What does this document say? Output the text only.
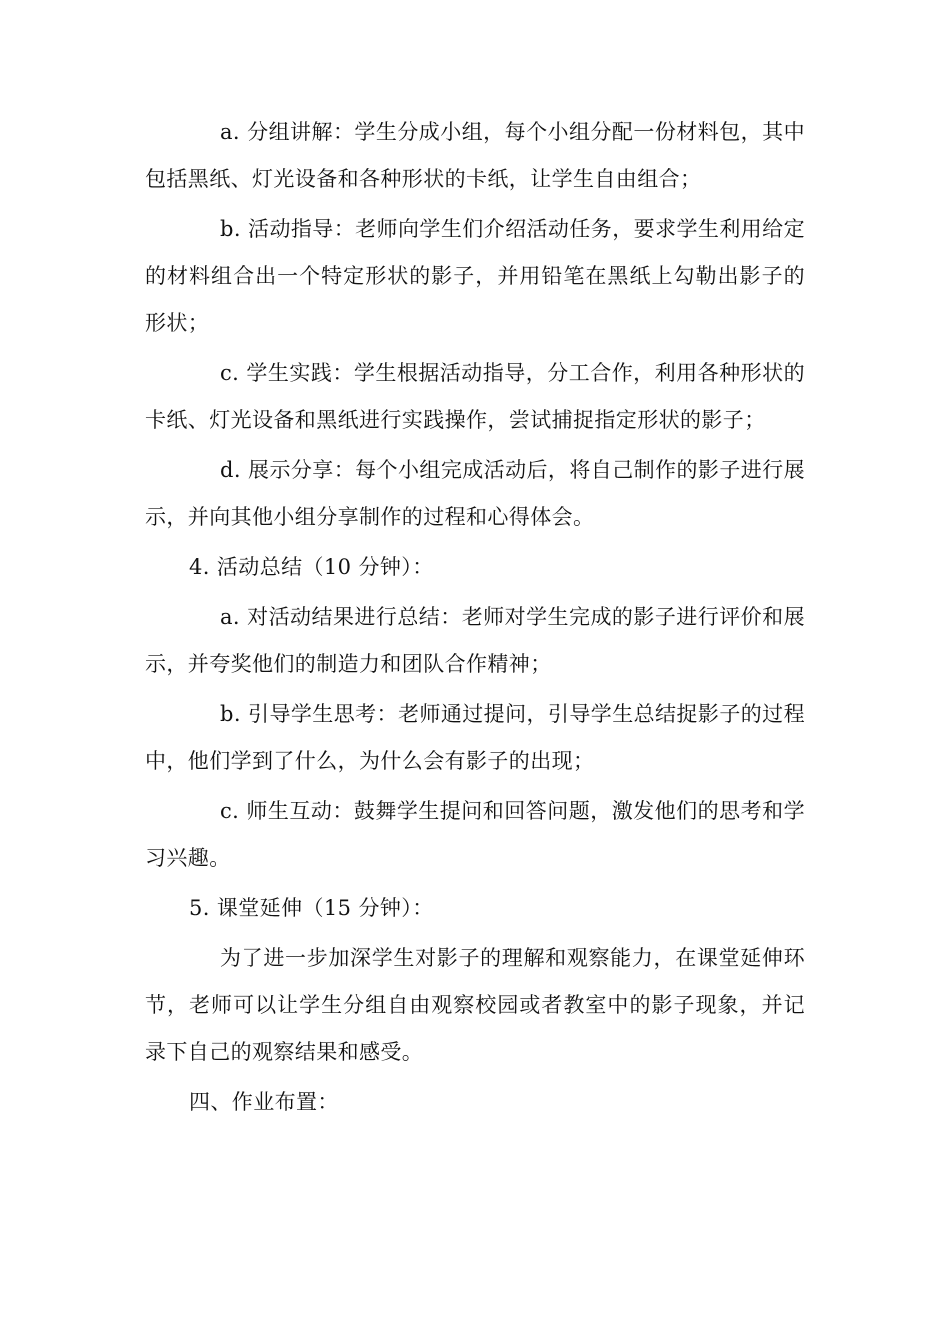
a. 分组讲解：学生分成小组，每个小组分配一份材料包，其中包括黑纸、灯光设备和各种形状的卡纸，让学生自由组合；

b. 活动指导：老师向学生们介绍活动任务，要求学生利用给定的材料组合出一个特定形状的影子，并用铅笔在黑纸上勾勒出影子的形状；

c. 学生实践：学生根据活动指导，分工合作，利用各种形状的卡纸、灯光设备和黑纸进行实践操作，尝试捕捉指定形状的影子；

d. 展示分享：每个小组完成活动后，将自己制作的影子进行展示，并向其他小组分享制作的过程和心得体会。

4. 活动总结（10 分钟）：

a. 对活动结果进行总结：老师对学生完成的影子进行评价和展示，并夸奖他们的制造力和团队合作精神；

b. 引导学生思考：老师通过提问，引导学生总结捉影子的过程中，他们学到了什么，为什么会有影子的出现；

c. 师生互动：鼓舞学生提问和回答问题，激发他们的思考和学习兴趣。

5. 课堂延伸（15 分钟）：

为了进一步加深学生对影子的理解和观察能力，在课堂延伸环节，老师可以让学生分组自由观察校园或者教室中的影子现象，并记录下自己的观察结果和感受。

四、作业布置：
